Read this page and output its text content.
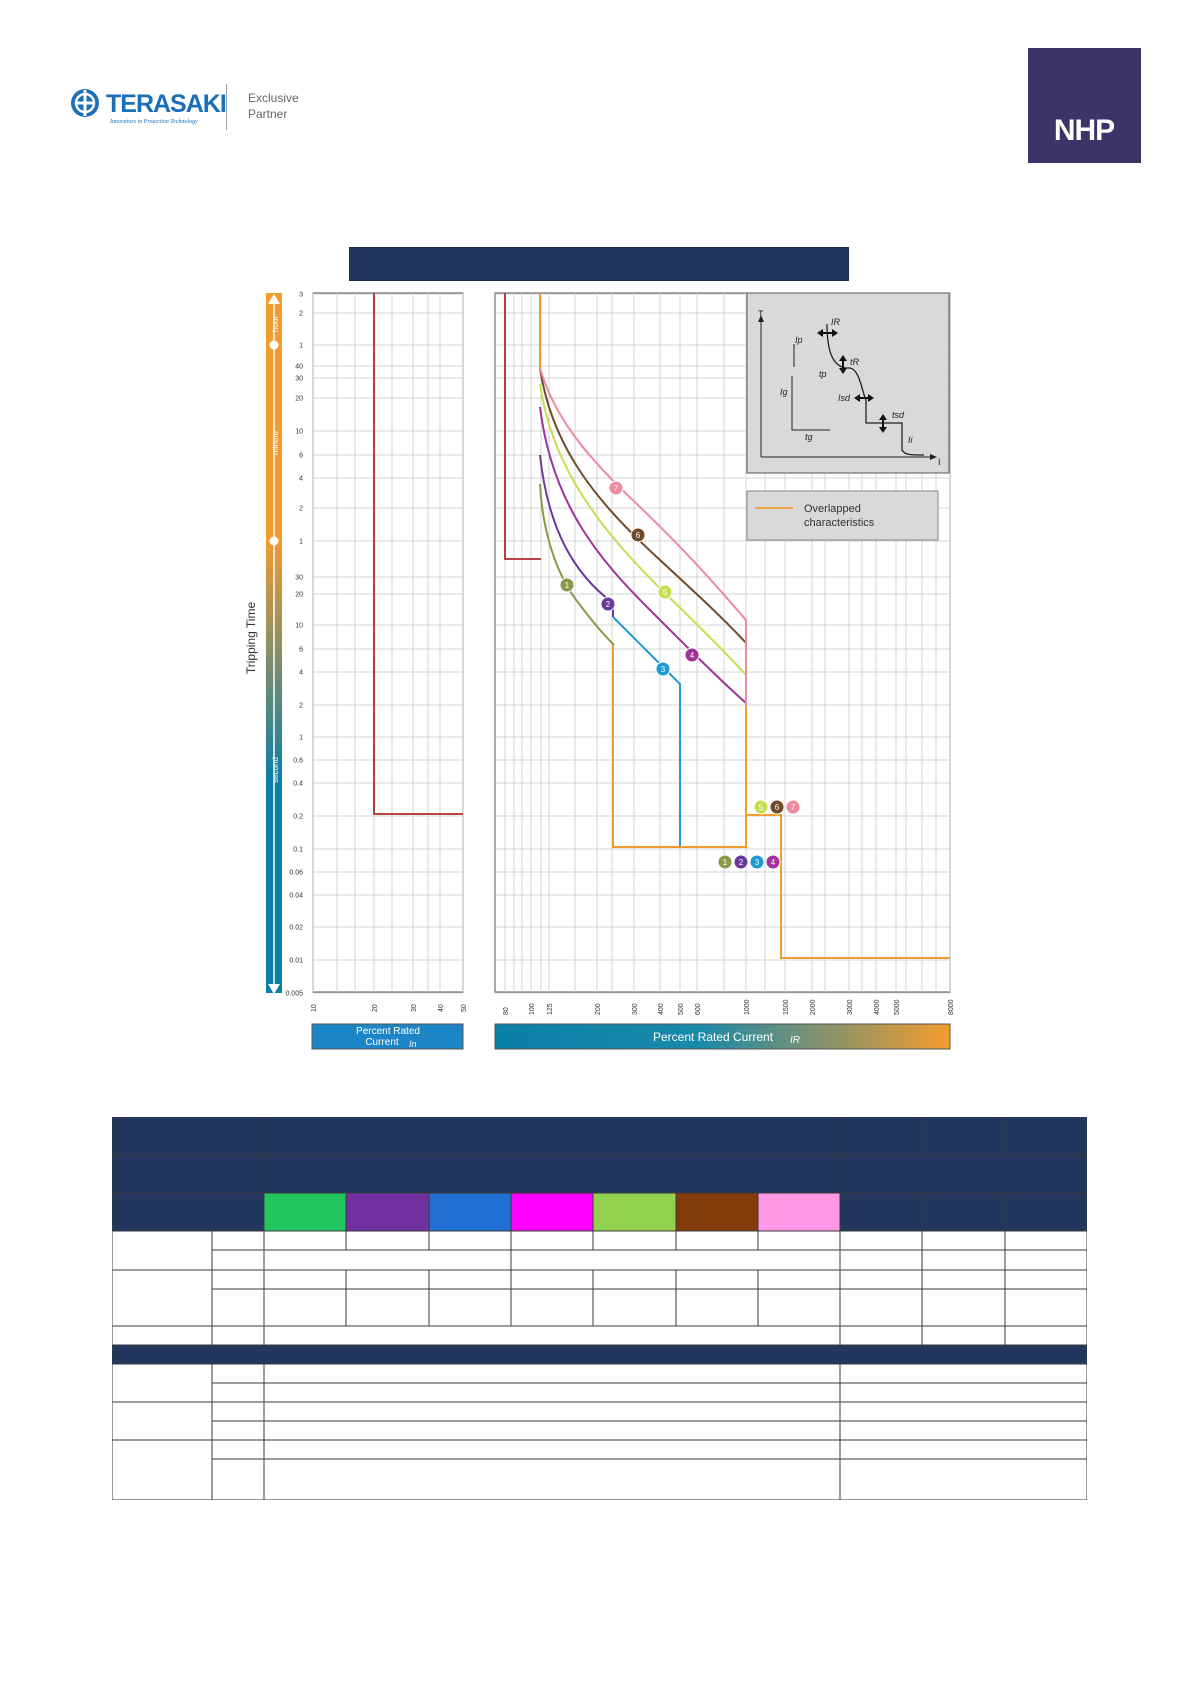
TERASAKI
Innovators in Protection Technology
Exclusive
Partner	NHP
hour
minute
second
Tripping Time
3
2
1
40
30
20
10
6
4
2
1
30
20
10
6
4
2
1
0.6
0.4
0.2
0.1
0.06
0.04
0.02
0.01
0.005
1
2
3
4
5
6
7
1 2 3 4
5 6 7
T
I
IR
tR
Ip
tp
Ig
tg
Isd
tsd
Ii
Overlapped
characteristics
10	20	30	40 50	80	100 125	200	300	400 500 600	1000	1500	2000	3000	4000 5000	8000
Percent Rated
Current In	Percent Rated Current IR
